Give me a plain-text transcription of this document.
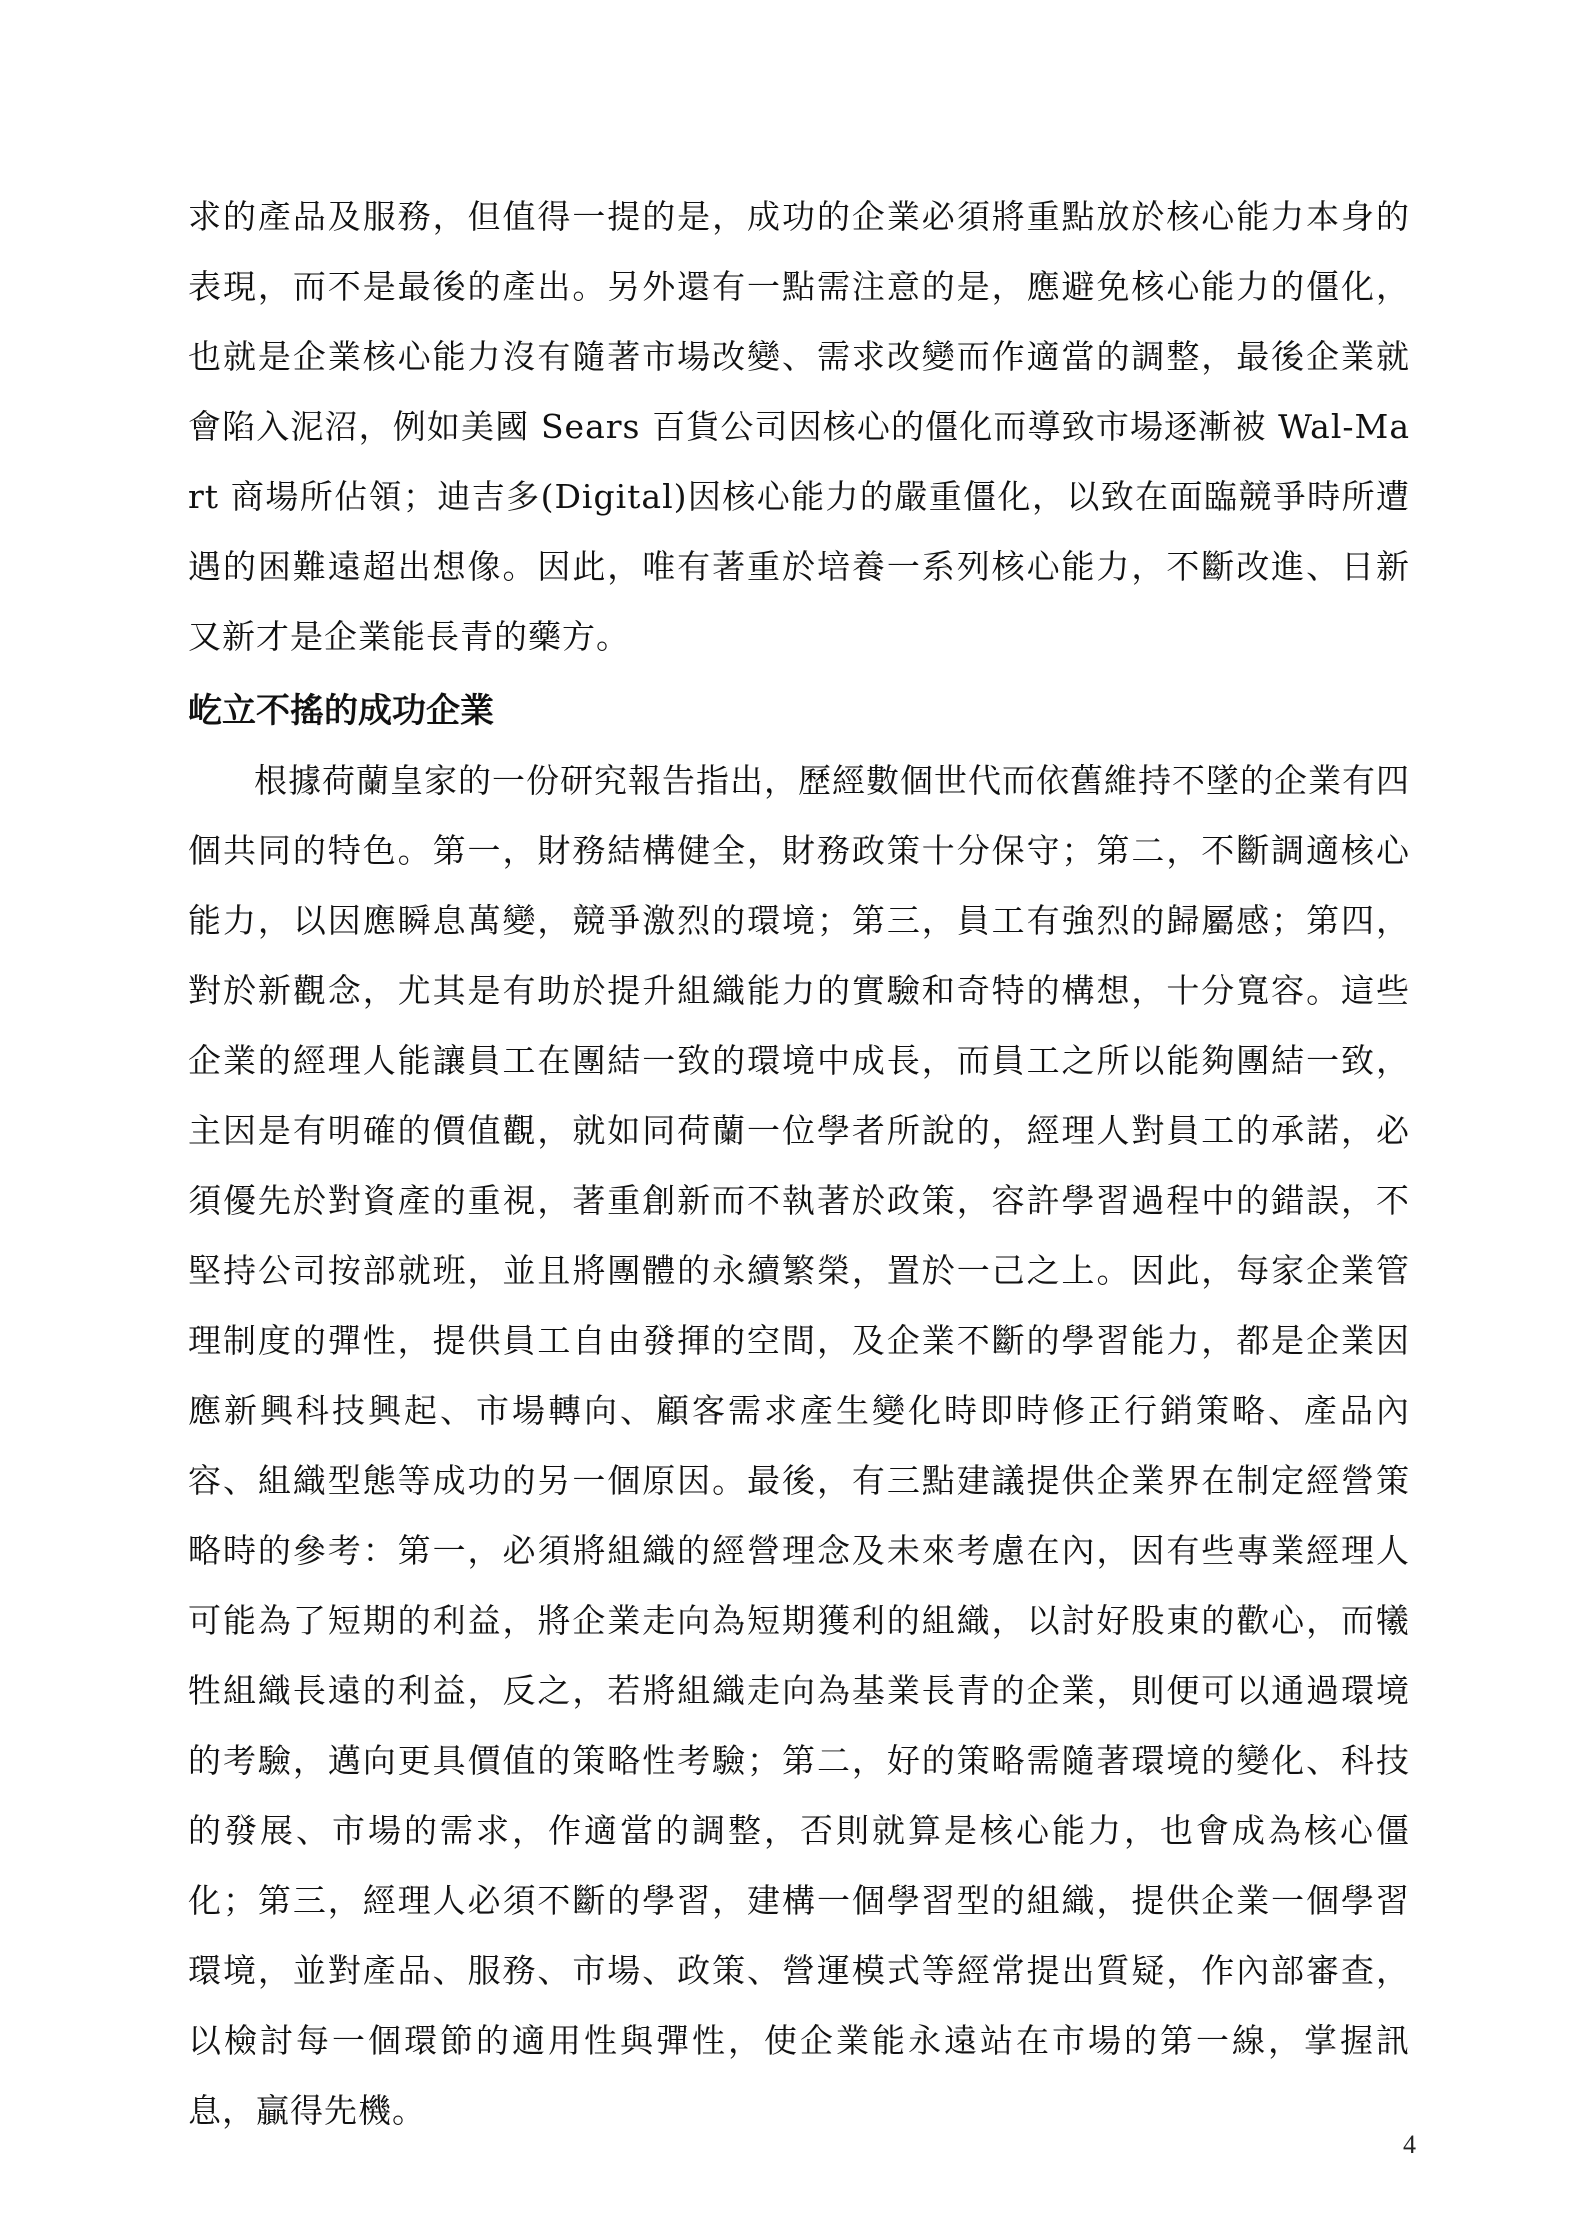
求的產品及服務，但值得一提的是，成功的企業必須將重點放於核心能力本身的表現，而不是最後的產出。另外還有一點需注意的是，應避免核心能力的僵化，也就是企業核心能力沒有隨著市場改變、需求改變而作適當的調整，最後企業就會陷入泥沼，例如美國 Sears 百貨公司因核心的僵化而導致市場逐漸被 Wal-Mart 商場所佔領；迪吉多(Digital)因核心能力的嚴重僵化，以致在面臨競爭時所遭遇的困難遠超出想像。因此，唯有著重於培養一系列核心能力，不斷改進、日新又新才是企業能長青的藥方。

屹立不搖的成功企業

根據荷蘭皇家的一份研究報告指出，歷經數個世代而依舊維持不墜的企業有四個共同的特色。第一，財務結構健全，財務政策十分保守；第二，不斷調適核心能力，以因應瞬息萬變，競爭激烈的環境；第三，員工有強烈的歸屬感；第四，對於新觀念，尤其是有助於提升組織能力的實驗和奇特的構想，十分寬容。這些企業的經理人能讓員工在團結一致的環境中成長，而員工之所以能夠團結一致，主因是有明確的價值觀，就如同荷蘭一位學者所說的，經理人對員工的承諾，必須優先於對資產的重視，著重創新而不執著於政策，容許學習過程中的錯誤，不堅持公司按部就班，並且將團體的永續繁榮，置於一己之上。因此，每家企業管理制度的彈性，提供員工自由發揮的空間，及企業不斷的學習能力，都是企業因應新興科技興起、市場轉向、顧客需求產生變化時即時修正行銷策略、產品內容、組織型態等成功的另一個原因。最後，有三點建議提供企業界在制定經營策略時的參考：第一，必須將組織的經營理念及未來考慮在內，因有些專業經理人可能為了短期的利益，將企業走向為短期獲利的組織，以討好股東的歡心，而犧牲組織長遠的利益，反之，若將組織走向為基業長青的企業，則便可以通過環境的考驗，邁向更具價值的策略性考驗；第二，好的策略需隨著環境的變化、科技的發展、市場的需求，作適當的調整，否則就算是核心能力，也會成為核心僵化；第三，經理人必須不斷的學習，建構一個學習型的組織，提供企業一個學習環境，並對產品、服務、市場、政策、營運模式等經常提出質疑，作內部審查，以檢討每一個環節的適用性與彈性，使企業能永遠站在市場的第一線，掌握訊息，贏得先機。

4
